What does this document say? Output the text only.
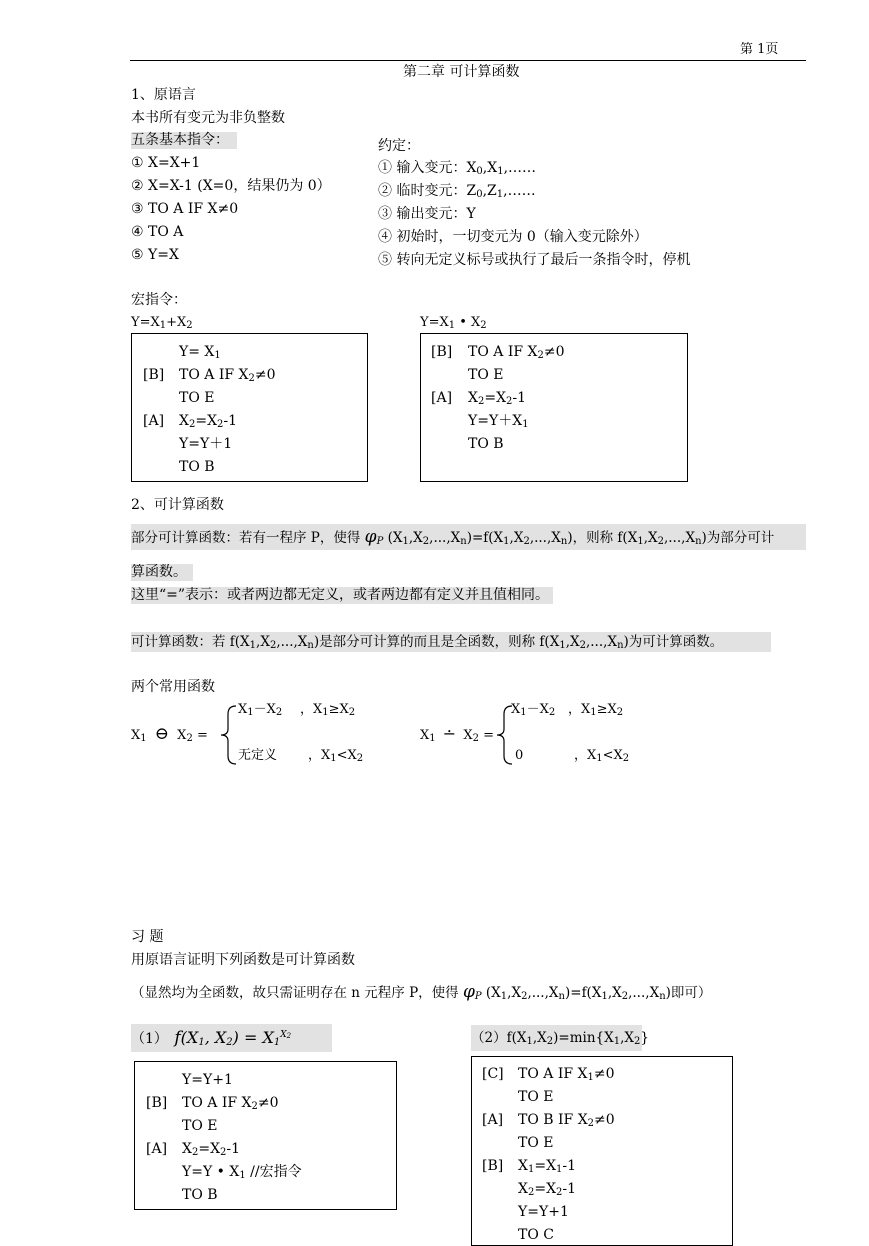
第 1页
第二章 可计算函数
1、原语言
本书所有变元为非负整数
五条基本指令：
① X=X+1
② X=X-1 (X=0，结果仍为 0）
③ TO A IF X≠0
④ TO A
⑤ Y=X
约定：
① 输入变元：$X_0,X_1,\dots\dots$
② 临时变元：$Z_0,Z_1,\dots\dots$
③ 输出变元：Y
④ 初始时，一切变元为 0（输入变元除外）
⑤ 转向无定义标号或执行了最后一条指令时，停机
宏指令：
$Y=X_1+X_2$
$Y= X_1$
[B] TO A IF $X_2\ne 0$
TO E
[A] $X_2=X_2-1$
Y=Y＋1
TO B
$Y=X_1$ • $X_2$
[B] TO A IF $X_2\ne 0$
TO E
[A] $X_2=X_2-1$
$Y=Y+X_1$
TO B
2、可计算函数
部分可计算函数：若有一程序 P，使得 $\varphi_P$ $(X_1,X_2,...,X_n)=f(X_1,X_2,...,X_n)$，则称 $f(X_1,X_2,...,X_n)$为部分可计
算函数。
这里“=”表示：或者两边都无定义，或者两边都有定义并且值相同。
可计算函数：若 $f(X_1,X_2,...,X_n)$是部分可计算的而且是全函数，则称 $f(X_1,X_2,...,X_n)$为可计算函数。
两个常用函数
$X_1$ ⊖ $X_2$ =
$X_1-X_2$ ，$X_1\ge X_2$
无定义 ，$X_1<X_2$
$X_1$ ∸ $X_2$ =
$X_1-X_2$ ，$X_1\ge X_2$
0	，$X_1<X_2$
习 题
用原语言证明下列函数是可计算函数
（显然均为全函数，故只需证明存在 n 元程序 P，使得 $\varphi_P$ $(X_1,X_2,...,X_n)=f(X_1,X_2,...,X_n)$即可）
（1） $f(X_1$, $X_2) = X_1^{X_2}$
Y=Y+1
[B] TO A IF $X_2\ne 0$
TO E
[A] $X_2=X_2-1$
Y=Y • $X_1$ //宏指令
TO B
$(2)f(X_1,X_2)=\min\{X_1,X_2\}$
[C] TO A IF $X_1\ne 0$
TO E
[A] TO B IF $X_2\ne 0$
TO E
[B] $X_1=X_1-1$
$X_2=X_2-1$
Y=Y+1
TO C
